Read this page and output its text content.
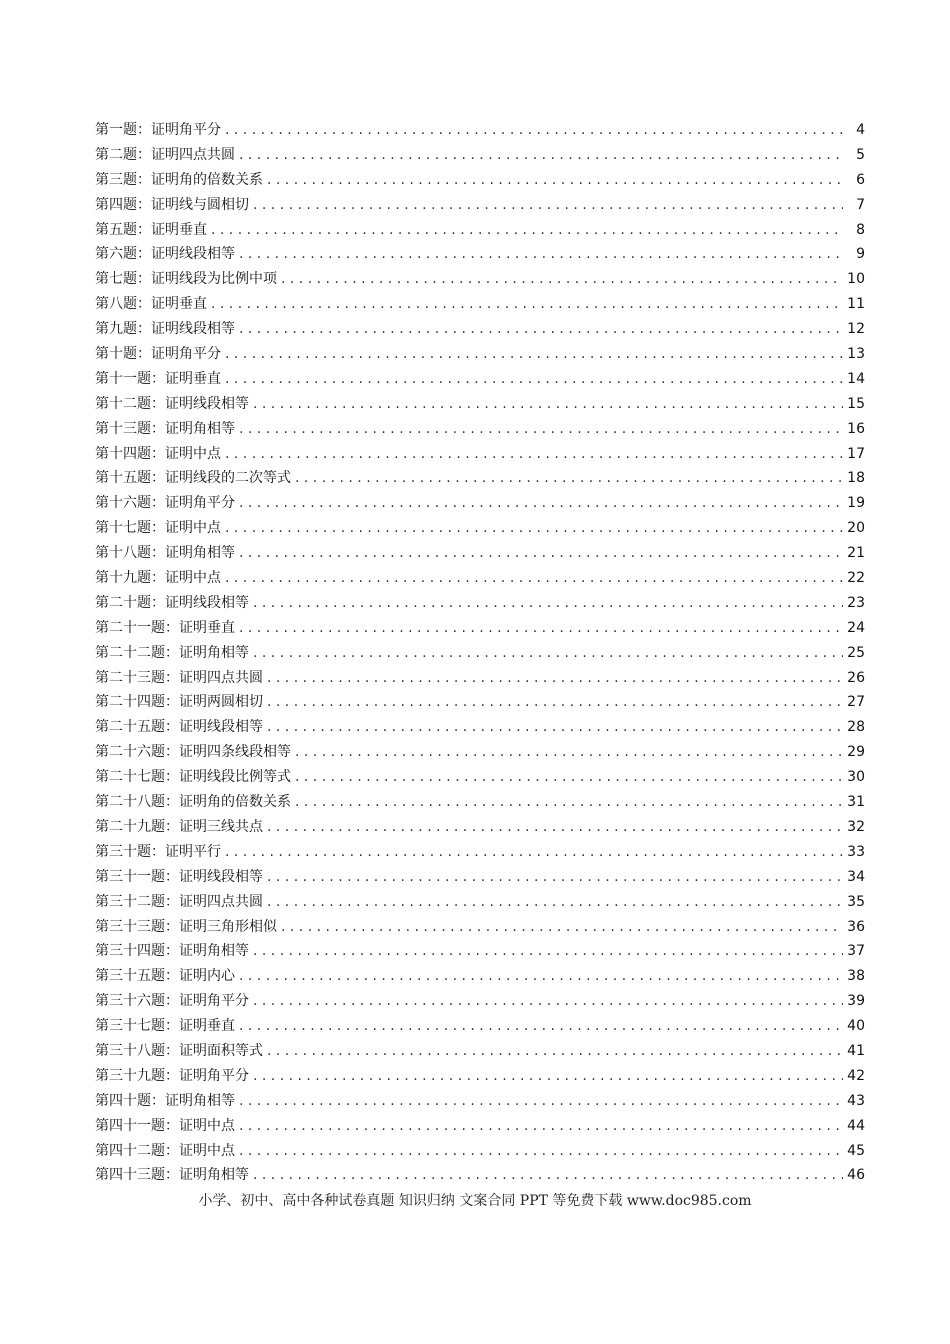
第一题：证明角平分 . . .	4
第二题：证明四点共圆 . . .	5
第三题：证明角的倍数关系 . . .	6
第四题：证明线与圆相切 . . .	7
第五题：证明垂直 . . .	8
第六题：证明线段相等 . . .	9
第七题：证明线段为比例中项 . . .	10
第八题：证明垂直 . . .	11
第九题：证明线段相等 . . .	12
第十题：证明角平分 . . .	13
第十一题：证明垂直 . . .	14
第十二题：证明线段相等 . . .	15
第十三题：证明角相等 . . .	16
第十四题：证明中点 . . .	17
第十五题：证明线段的二次等式 . . .	18
第十六题：证明角平分 . . .	19
第十七题：证明中点 . . .	20
第十八题：证明角相等 . . .	21
第十九题：证明中点 . . .	22
第二十题：证明线段相等 . . .	23
第二十一题：证明垂直 . . .	24
第二十二题：证明角相等 . . .	25
第二十三题：证明四点共圆 . . .	26
第二十四题：证明两圆相切 . . .	27
第二十五题：证明线段相等 . . .	28
第二十六题：证明四条线段相等 . . .	29
第二十七题：证明线段比例等式 . . .	30
第二十八题：证明角的倍数关系 . . .	31
第二十九题：证明三线共点 . . .	32
第三十题：证明平行 . . .	33
第三十一题：证明线段相等 . . .	34
第三十二题：证明四点共圆 . . .	35
第三十三题：证明三角形相似 . . .	36
第三十四题：证明角相等 . . .	37
第三十五题：证明内心 . . .	38
第三十六题：证明角平分 . . .	39
第三十七题：证明垂直 . . .	40
第三十八题：证明面积等式 . . .	41
第三十九题：证明角平分 . . .	42
第四十题：证明角相等 . . .	43
第四十一题：证明中点 . . .	44
第四十二题：证明中点 . . .	45
第四十三题：证明角相等 . . .	46
小学、初中、高中各种试卷真题 知识归纳 文案合同 PPT 等免费下载 www.doc985.com
